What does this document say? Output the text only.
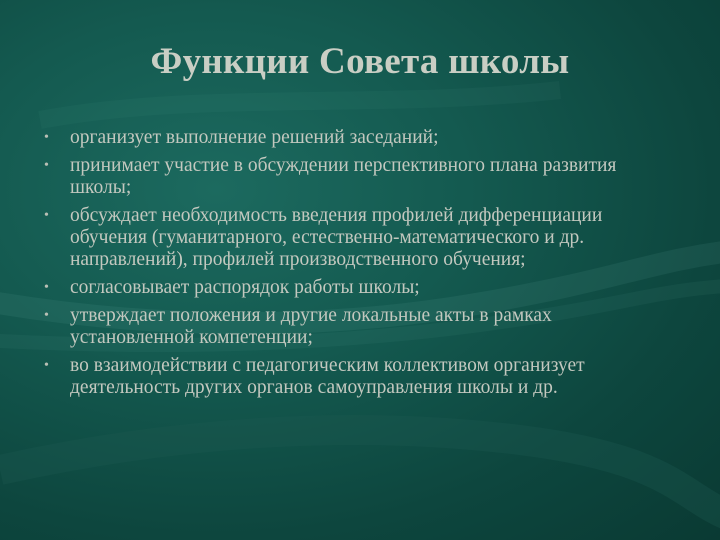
Функции Совета школы
• организует выполнение решений заседаний;
• принимает участие в обсуждении перспективного плана развития школы;
• обсуждает необходимость введения профилей дифференциации обучения (гуманитарного, естественно-математического и др. направлений), профилей производственного обучения;
• согласовывает распорядок работы школы;
• утверждает положения и другие локальные акты в рамках установленной компетенции;
• во взаимодействии с педагогическим коллективом организует деятельность других органов самоуправления школы и др.
